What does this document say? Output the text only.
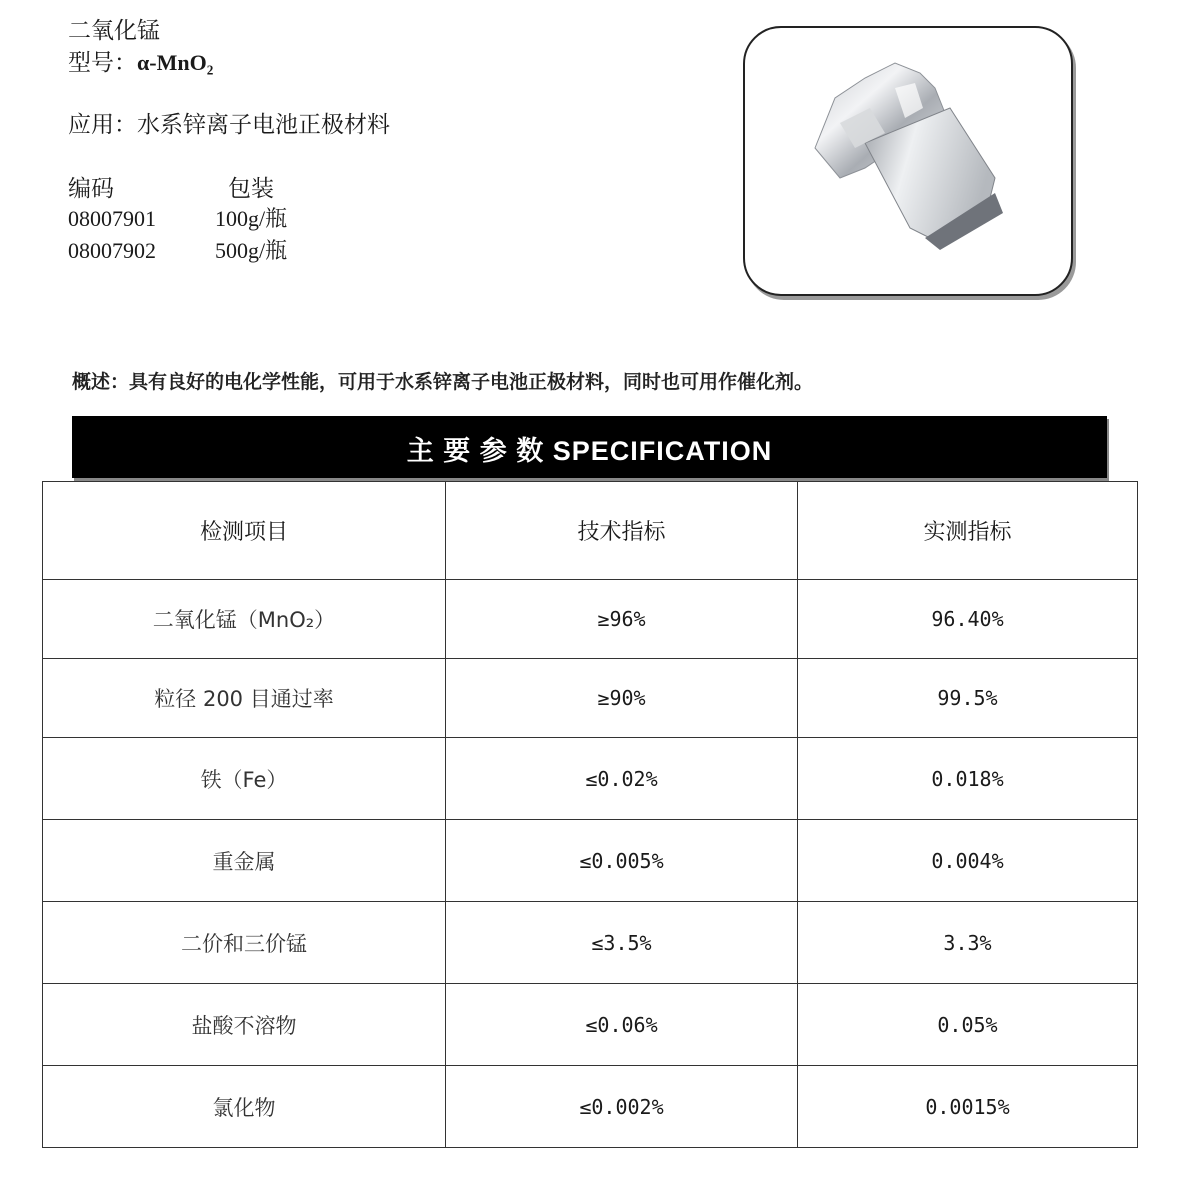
二氧化锰
型号：α-MnO₂
应用：水系锌离子电池正极材料
编码	包装
08007901	100g/瓶
08007902	500g/瓶
概述：具有良好的电化学性能，可用于水系锌离子电池正极材料，同时也可用作催化剂。
主 要 参 数 SPECIFICATION
检测项目	技术指标	实测指标
二氧化锰（MnO₂）	≥96%	96.40%
粒径 200 目通过率	≥90%	99.5%
铁（Fe）	≤0.02%	0.018%
重金属	≤0.005%	0.004%
二价和三价锰	≤3.5%	3.3%
盐酸不溶物	≤0.06%	0.05%
氯化物	≤0.002%	0.0015%
